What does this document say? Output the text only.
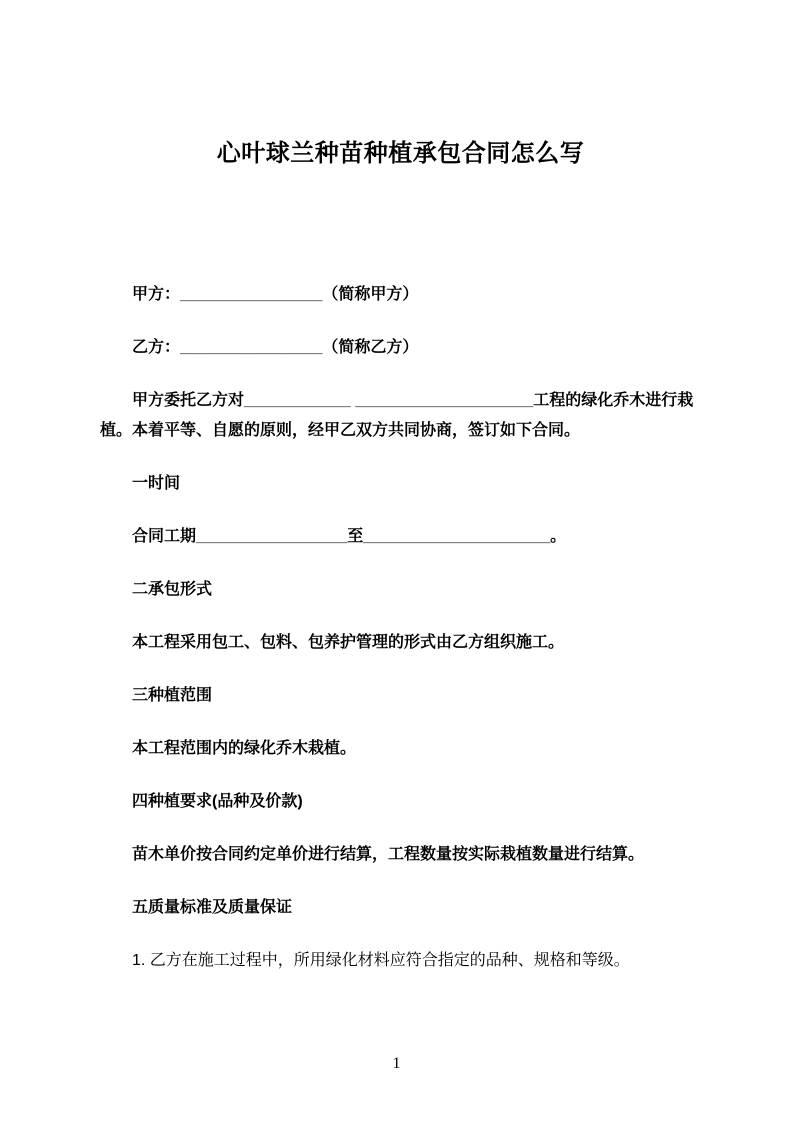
心叶球兰种苗种植承包合同怎么写

甲方：________________（简称甲方）

乙方：________________（简称乙方）

甲方委托乙方对____________ ____________________工程的绿化乔木进行栽植。本着平等、自愿的原则，经甲乙双方共同协商，签订如下合同。

一时间

合同工期_________________至_____________________。

二承包形式

本工程采用包工、包料、包养护管理的形式由乙方组织施工。

三种植范围

本工程范围内的绿化乔木栽植。

四种植要求(品种及价款)

苗木单价按合同约定单价进行结算，工程数量按实际栽植数量进行结算。

五质量标准及质量保证

1. 乙方在施工过程中，所用绿化材料应符合指定的品种、规格和等级。

1
